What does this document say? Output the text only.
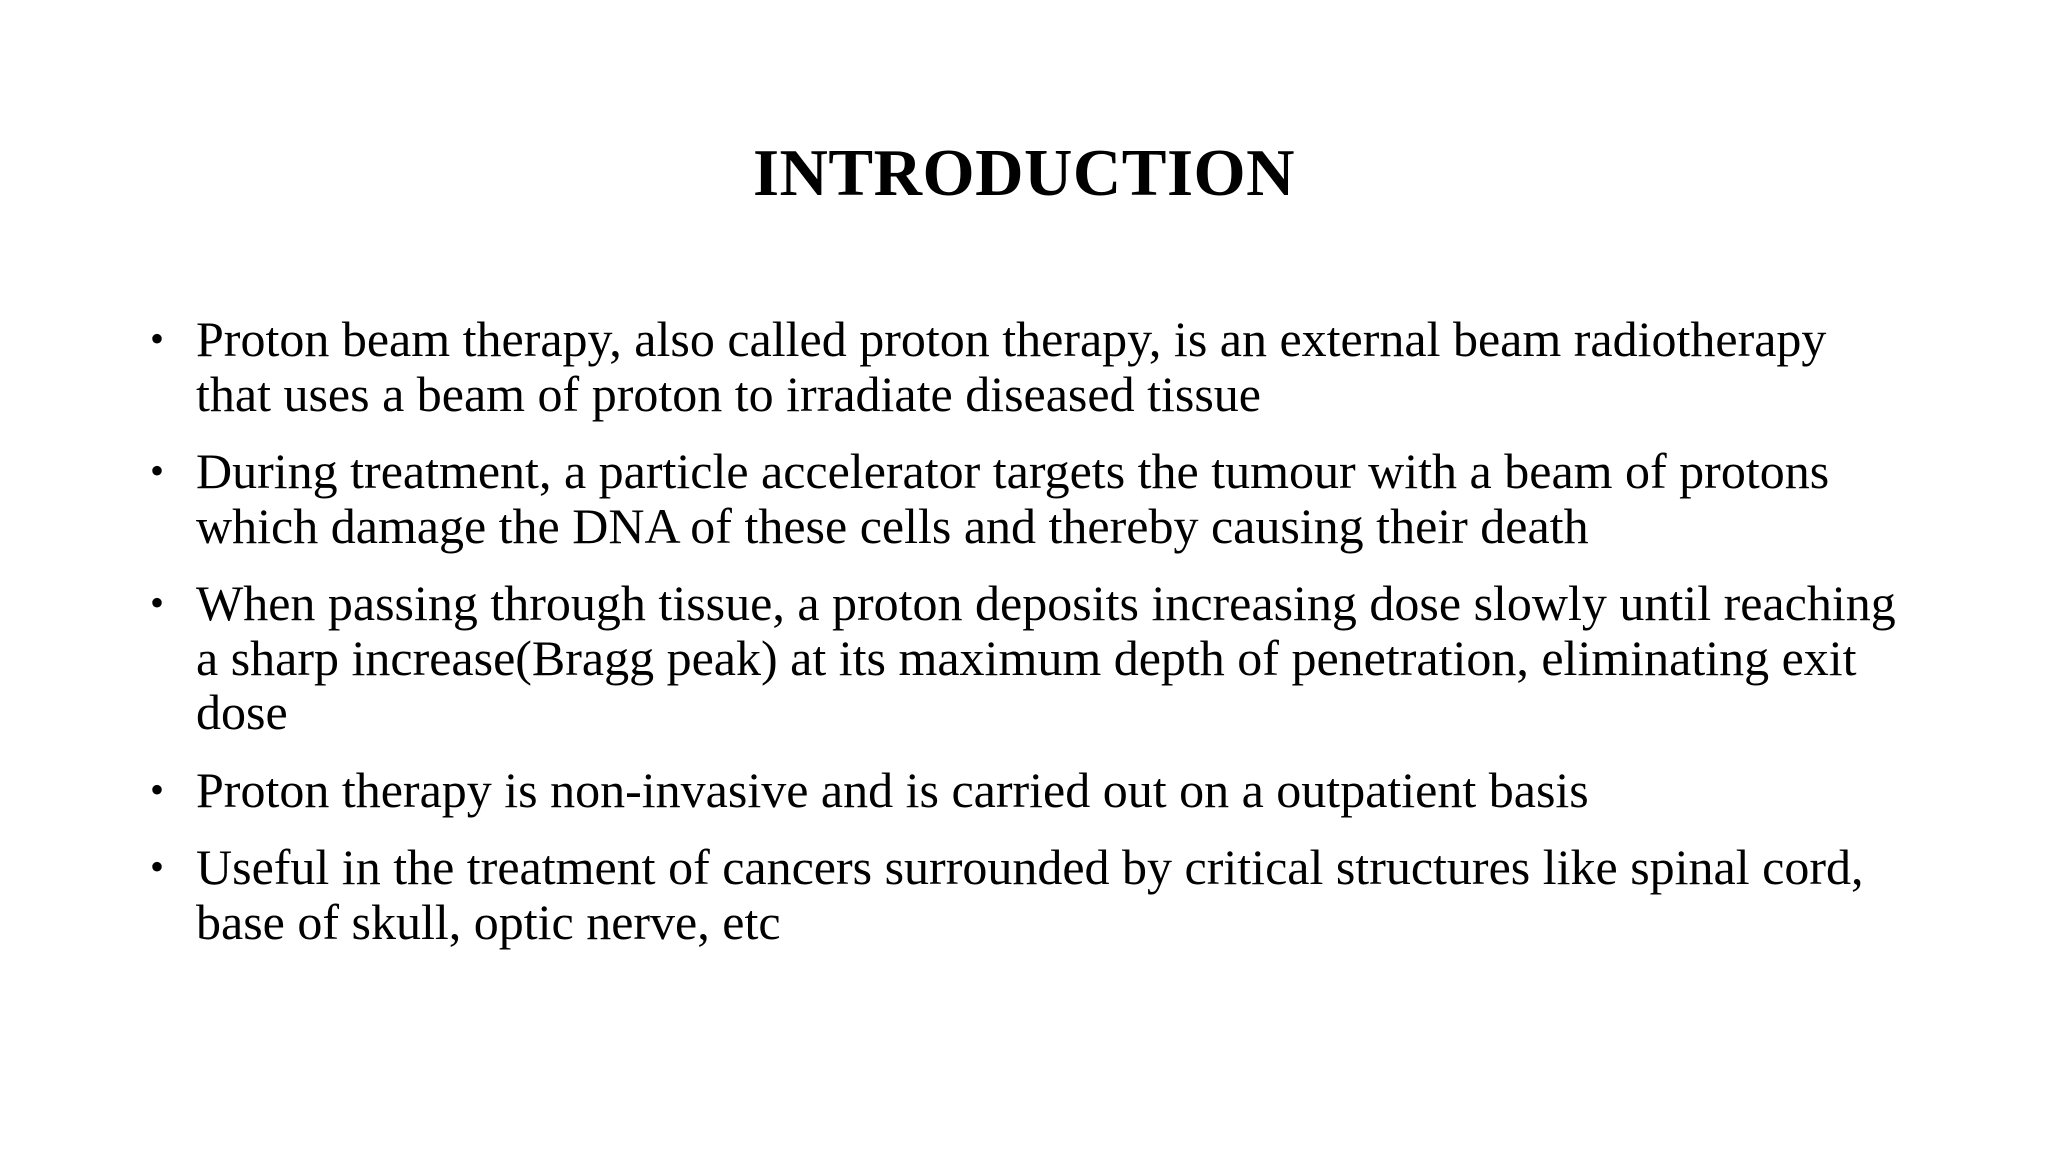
INTRODUCTION
• Proton beam therapy, also called proton therapy, is an external beam radiotherapy that uses a beam of proton to irradiate diseased tissue
• During treatment, a particle accelerator targets the tumour with a beam of protons which damage the DNA of these cells and thereby causing their death
• When passing through tissue, a proton deposits increasing dose slowly until reaching a sharp increase(Bragg peak) at its maximum depth of penetration, eliminating exit dose
• Proton therapy is non-invasive and is carried out on a outpatient basis
• Useful in the treatment of cancers surrounded by critical structures like spinal cord, base of skull, optic nerve, etc
